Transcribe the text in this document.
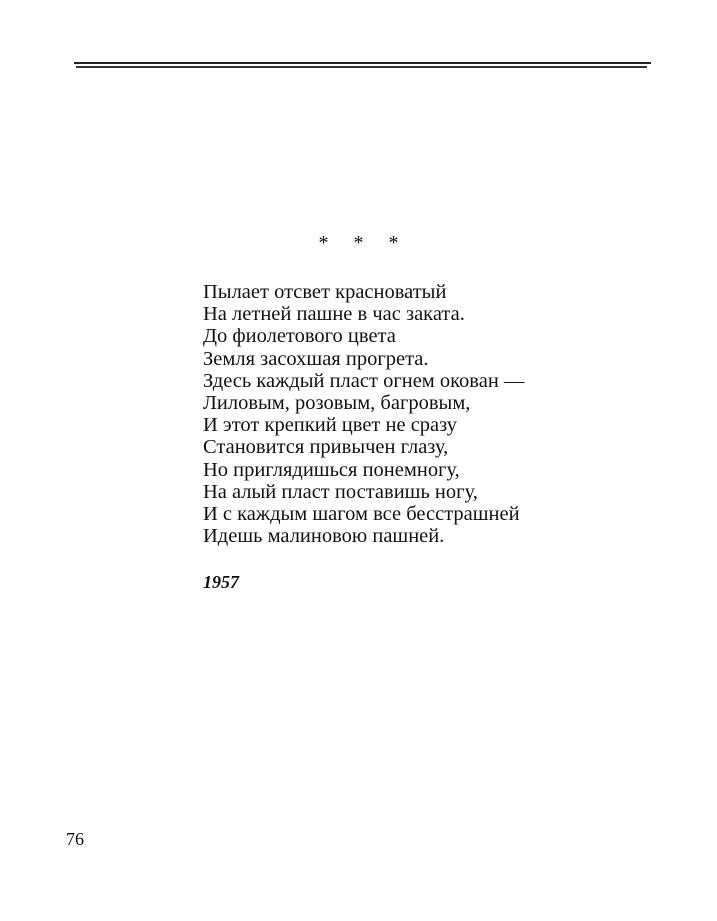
* * *
Пылает отсвет красноватый
На летней пашне в час заката.
До фиолетового цвета
Земля засохшая прогрета.
Здесь каждый пласт огнем окован —
Лиловым, розовым, багровым,
И этот крепкий цвет не сразу
Становится привычен глазу,
Но приглядишься понемногу,
На алый пласт поставишь ногу,
И с каждым шагом все бесстрашней
Идешь малиновою пашней.
1957
76
